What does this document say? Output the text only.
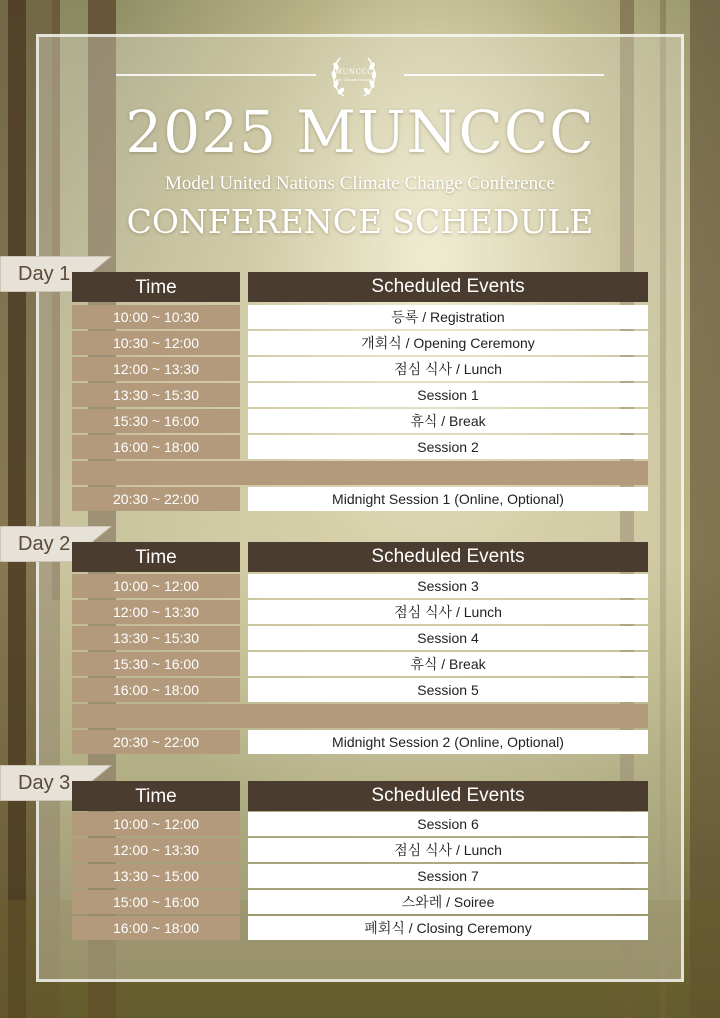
MUNCCC
est. Climate Change
2025 MUNCCC
Model United Nations Climate Change Conference
CONFERENCE SCHEDULE
Day 1
Time	Scheduled Events
10:00 ~ 10:30	등록 / Registration
10:30 ~ 12:00	개회식 / Opening Ceremony
12:00 ~ 13:30	점심 식사 / Lunch
13:30 ~ 15:30	Session 1
15:30 ~ 16:00	휴식 / Break
16:00 ~ 18:00	Session 2
20:30 ~ 22:00	Midnight Session 1 (Online, Optional)
Day 2
Time	Scheduled Events
10:00 ~ 12:00	Session 3
12:00 ~ 13:30	점심 식사 / Lunch
13:30 ~ 15:30	Session 4
15:30 ~ 16:00	휴식 / Break
16:00 ~ 18:00	Session 5
20:30 ~ 22:00	Midnight Session 2 (Online, Optional)
Day 3
Time	Scheduled Events
10:00 ~ 12:00	Session 6
12:00 ~ 13:30	점심 식사 / Lunch
13:30 ~ 15:00	Session 7
15:00 ~ 16:00	스와레 / Soiree
16:00 ~ 18:00	폐회식 / Closing Ceremony
